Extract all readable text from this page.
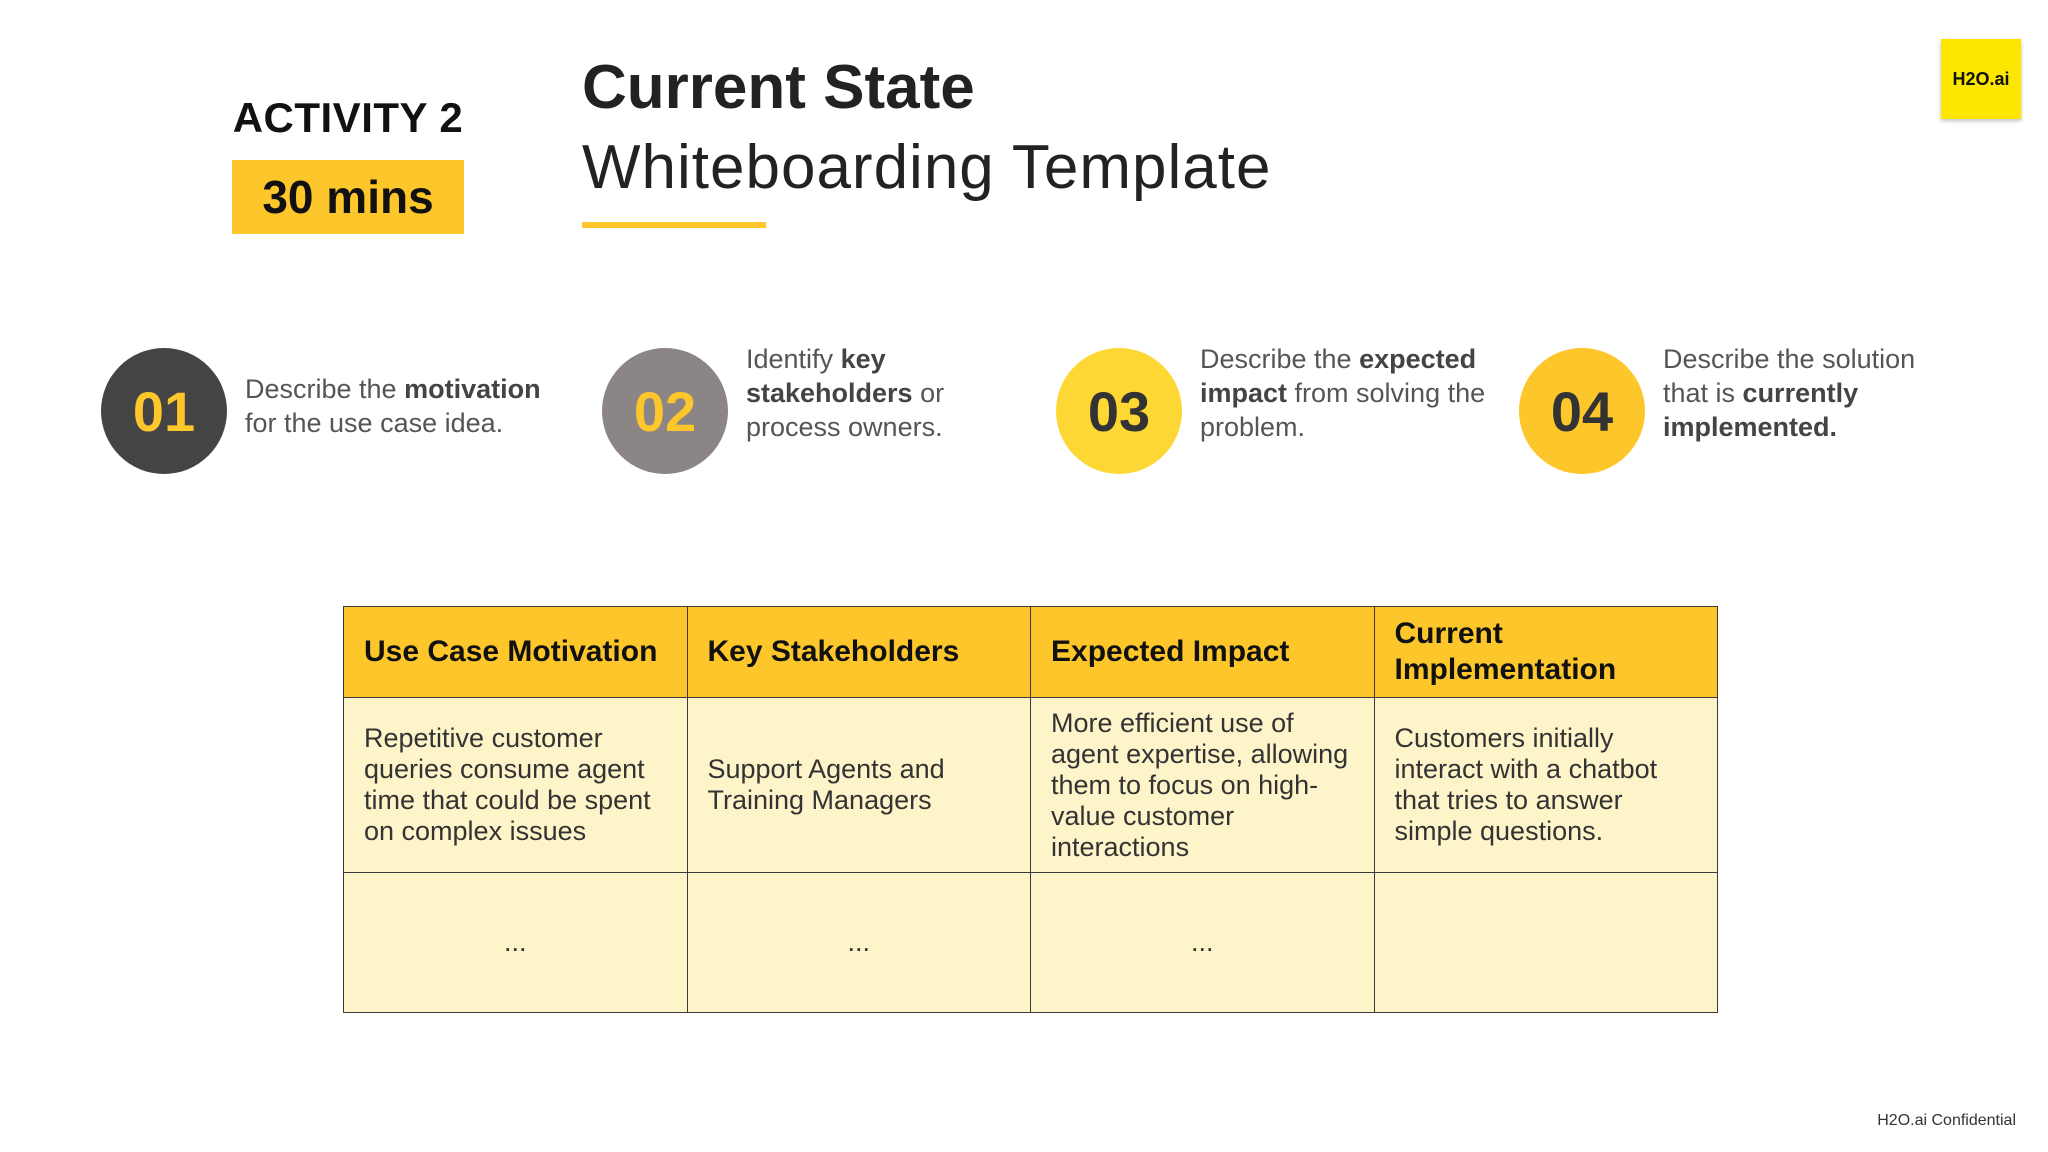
ACTIVITY 2
30 mins
Current State
Whiteboarding Template
H2O.ai
01	Describe the motivation for the use case idea.	02
Identify key stakeholders or process owners.	03
Describe the expected impact from solving the problem.	04
Describe the solution that is currently implemented.
Use Case Motivation	Key Stakeholders	Expected Impact	Current Implementation
Repetitive customer queries consume agent time that could be spent on complex issues	Support Agents and Training Managers	More efficient use of agent expertise, allowing them to focus on high-value customer interactions	Customers initially interact with a chatbot that tries to answer simple questions.
...	...	...	
H2O.ai Confidential
